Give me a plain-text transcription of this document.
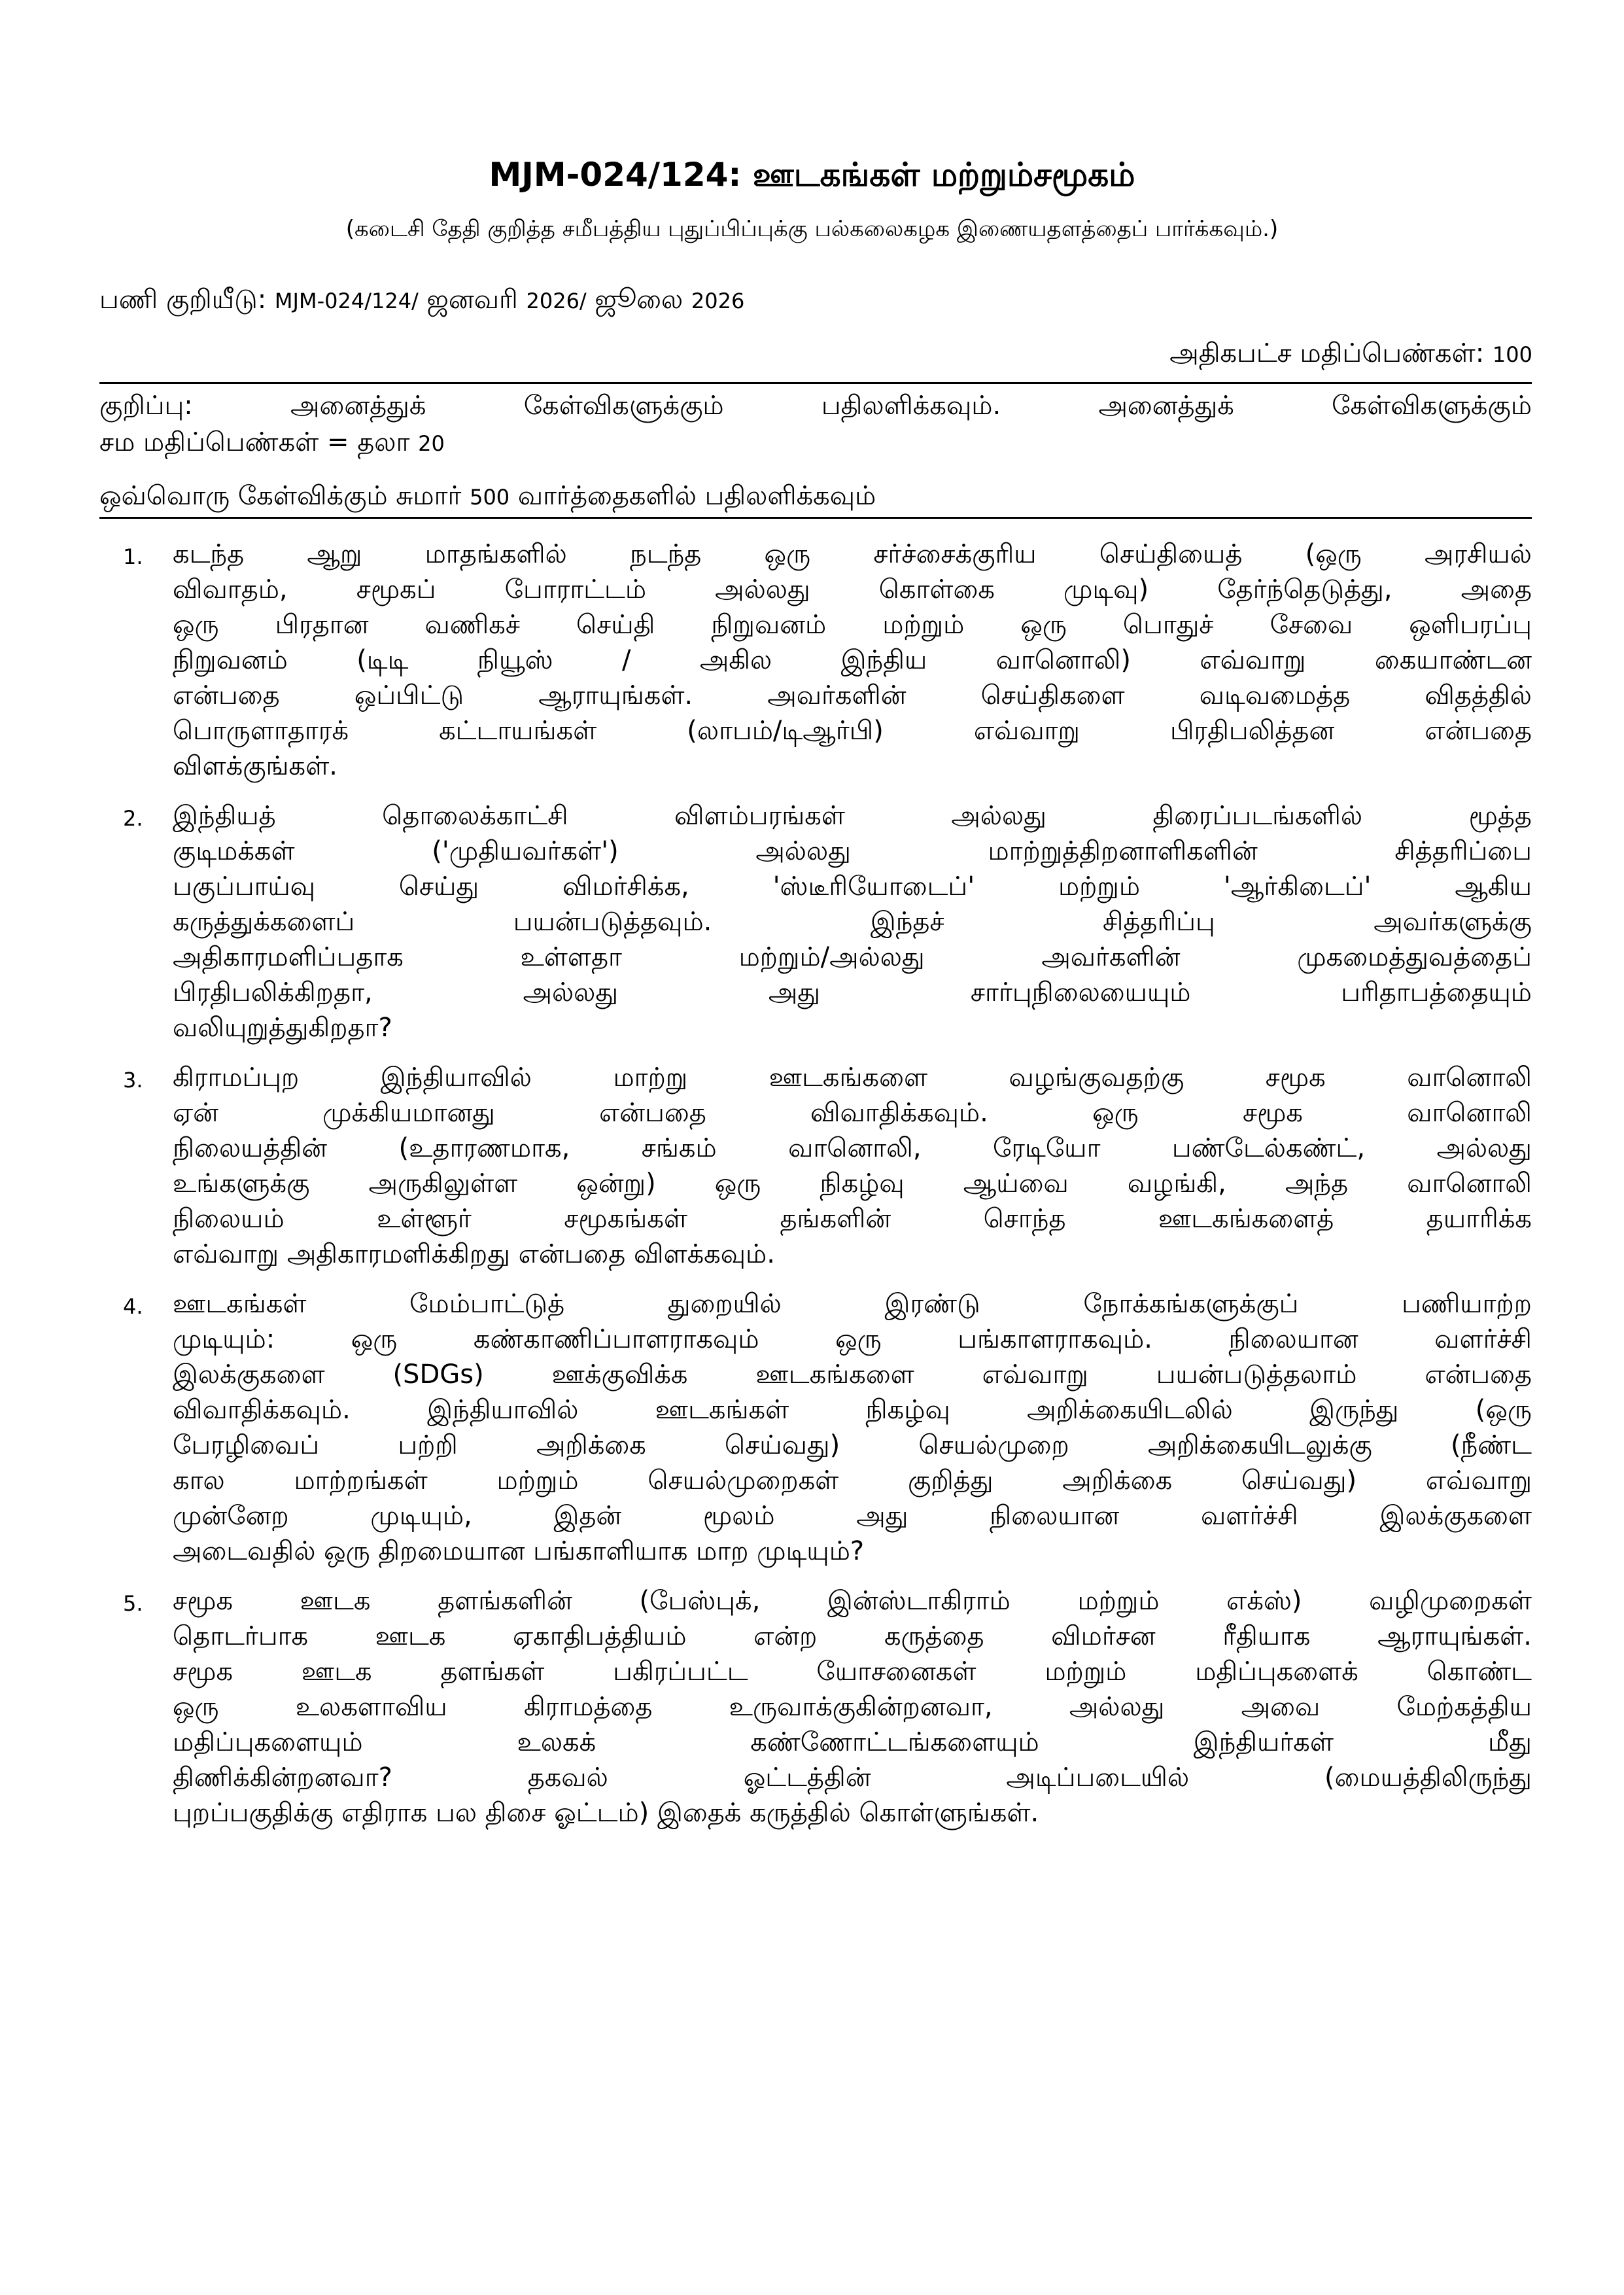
MJM-024/124: ஊடகங்கள் மற்றும்சமூகம்
(கடைசி தேதி குறித்த சமீபத்திய புதுப்பிப்புக்கு பல்கலைகழக இணையதளத்தைப் பார்க்கவும்.)
பணி குறியீடு: MJM-024/124/ ஜனவரி 2026/ ஜூலை 2026
அதிகபட்ச மதிப்பெண்கள்: 100
குறிப்பு: அனைத்துக் கேள்விகளுக்கும் பதிலளிக்கவும். அனைத்துக் கேள்விகளுக்கும்
சம மதிப்பெண்கள் = தலா 20
ஒவ்வொரு கேள்விக்கும் சுமார் 500 வார்த்தைகளில் பதிலளிக்கவும்
1. கடந்த ஆறு மாதங்களில் நடந்த ஒரு சர்ச்சைக்குரிய செய்தியைத் (ஒரு அரசியல்
விவாதம், சமூகப் போராட்டம் அல்லது கொள்கை முடிவு) தேர்ந்தெடுத்து, அதை
ஒரு பிரதான வணிகச் செய்தி நிறுவனம் மற்றும் ஒரு பொதுச் சேவை ஒளிபரப்பு
நிறுவனம் (டிடி நியூஸ் / அகில இந்திய வானொலி) எவ்வாறு கையாண்டன
என்பதை ஒப்பிட்டு ஆராயுங்கள். அவர்களின் செய்திகளை வடிவமைத்த விதத்தில்
பொருளாதாரக் கட்டாயங்கள் (லாபம்/டிஆர்பி) எவ்வாறு பிரதிபலித்தன என்பதை
விளக்குங்கள்.
2. இந்தியத் தொலைக்காட்சி விளம்பரங்கள் அல்லது திரைப்படங்களில் மூத்த
குடிமக்கள் ('முதியவர்கள்') அல்லது மாற்றுத்திறனாளிகளின் சித்தரிப்பை
பகுப்பாய்வு செய்து விமர்சிக்க, 'ஸ்டீரியோடைப்' மற்றும் 'ஆர்கிடைப்' ஆகிய
கருத்துக்களைப் பயன்படுத்தவும். இந்தச் சித்தரிப்பு அவர்களுக்கு
அதிகாரமளிப்பதாக உள்ளதா மற்றும்/அல்லது அவர்களின் முகமைத்துவத்தைப்
பிரதிபலிக்கிறதா, அல்லது அது சார்புநிலையையும் பரிதாபத்தையும்
வலியுறுத்துகிறதா?
3. கிராமப்புற இந்தியாவில் மாற்று ஊடகங்களை வழங்குவதற்கு சமூக வானொலி
ஏன் முக்கியமானது என்பதை விவாதிக்கவும். ஒரு சமூக வானொலி
நிலையத்தின் (உதாரணமாக, சங்கம் வானொலி, ரேடியோ பண்டேல்கண்ட், அல்லது
உங்களுக்கு அருகிலுள்ள ஒன்று) ஒரு நிகழ்வு ஆய்வை வழங்கி, அந்த வானொலி
நிலையம் உள்ளூர் சமூகங்கள் தங்களின் சொந்த ஊடகங்களைத் தயாரிக்க
எவ்வாறு அதிகாரமளிக்கிறது என்பதை விளக்கவும்.
4. ஊடகங்கள் மேம்பாட்டுத் துறையில் இரண்டு நோக்கங்களுக்குப் பணியாற்ற
முடியும்: ஒரு கண்காணிப்பாளராகவும் ஒரு பங்காளராகவும். நிலையான வளர்ச்சி
இலக்குகளை (SDGs) ஊக்குவிக்க ஊடகங்களை எவ்வாறு பயன்படுத்தலாம் என்பதை
விவாதிக்கவும். இந்தியாவில் ஊடகங்கள் நிகழ்வு அறிக்கையிடலில் இருந்து (ஒரு
பேரழிவைப் பற்றி அறிக்கை செய்வது) செயல்முறை அறிக்கையிடலுக்கு (நீண்ட
கால மாற்றங்கள் மற்றும் செயல்முறைகள் குறித்து அறிக்கை செய்வது) எவ்வாறு
முன்னேற முடியும், இதன் மூலம் அது நிலையான வளர்ச்சி இலக்குகளை
அடைவதில் ஒரு திறமையான பங்காளியாக மாற முடியும்?
5. சமூக ஊடக தளங்களின் (பேஸ்புக், இன்ஸ்டாகிராம் மற்றும் எக்ஸ்) வழிமுறைகள்
தொடர்பாக ஊடக ஏகாதிபத்தியம் என்ற கருத்தை விமர்சன ரீதியாக ஆராயுங்கள்.
சமூக ஊடக தளங்கள் பகிரப்பட்ட யோசனைகள் மற்றும் மதிப்புகளைக் கொண்ட
ஒரு உலகளாவிய கிராமத்தை உருவாக்குகின்றனவா, அல்லது அவை மேற்கத்திய
மதிப்புகளையும் உலகக் கண்ணோட்டங்களையும் இந்தியர்கள் மீது
திணிக்கின்றனவா? தகவல் ஓட்டத்தின் அடிப்படையில் (மையத்திலிருந்து
புறப்பகுதிக்கு எதிராக பல திசை ஓட்டம்) இதைக் கருத்தில் கொள்ளுங்கள்.
